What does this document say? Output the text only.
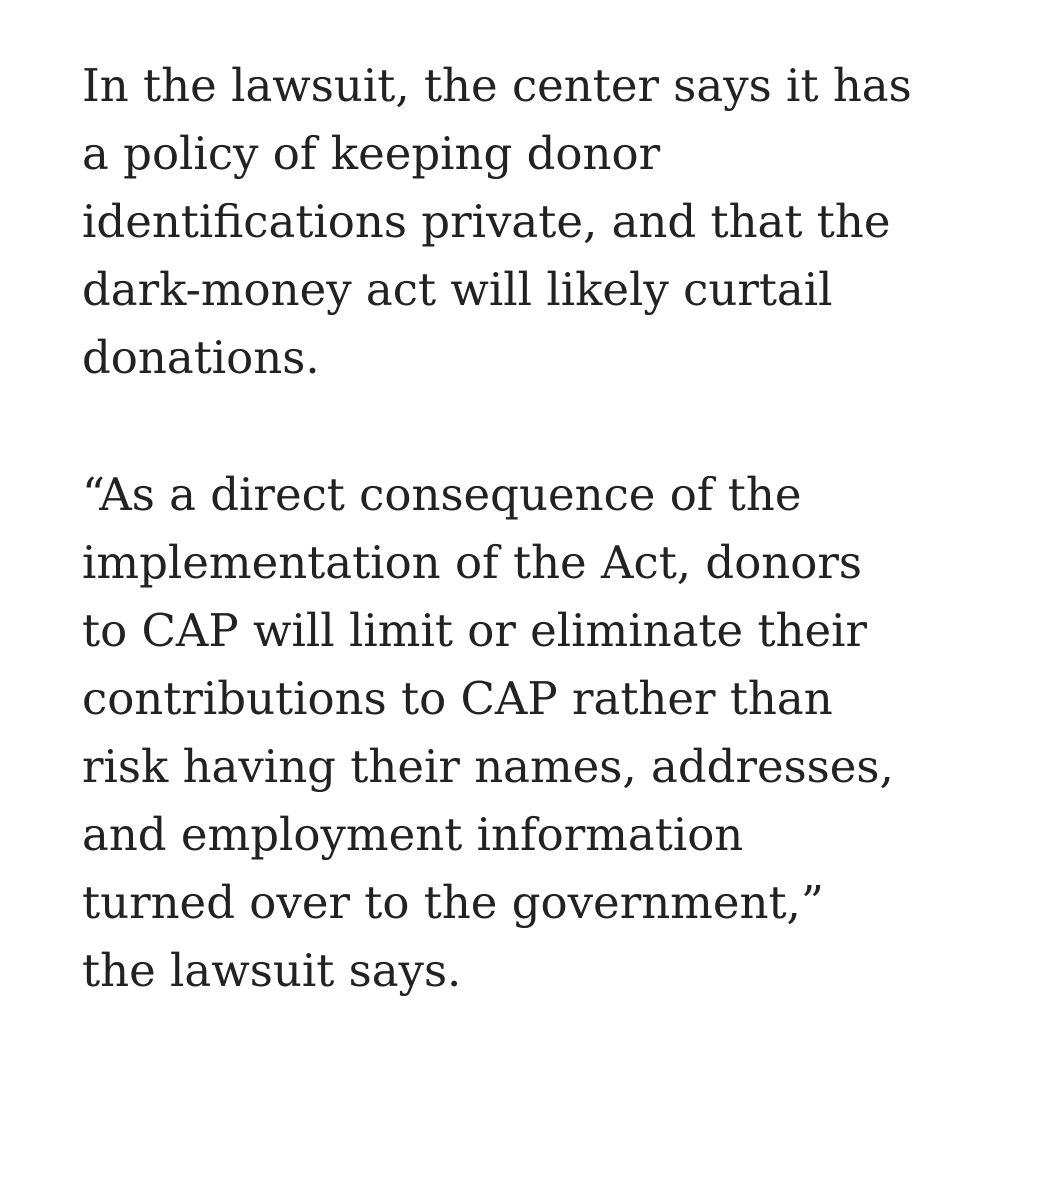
In the lawsuit, the center says it has
a policy of keeping donor
identifications private, and that the
dark-money act will likely curtail
donations.

“As a direct consequence of the
implementation of the Act, donors
to CAP will limit or eliminate their
contributions to CAP rather than
risk having their names, addresses,
and employment information
turned over to the government,”
the lawsuit says.
